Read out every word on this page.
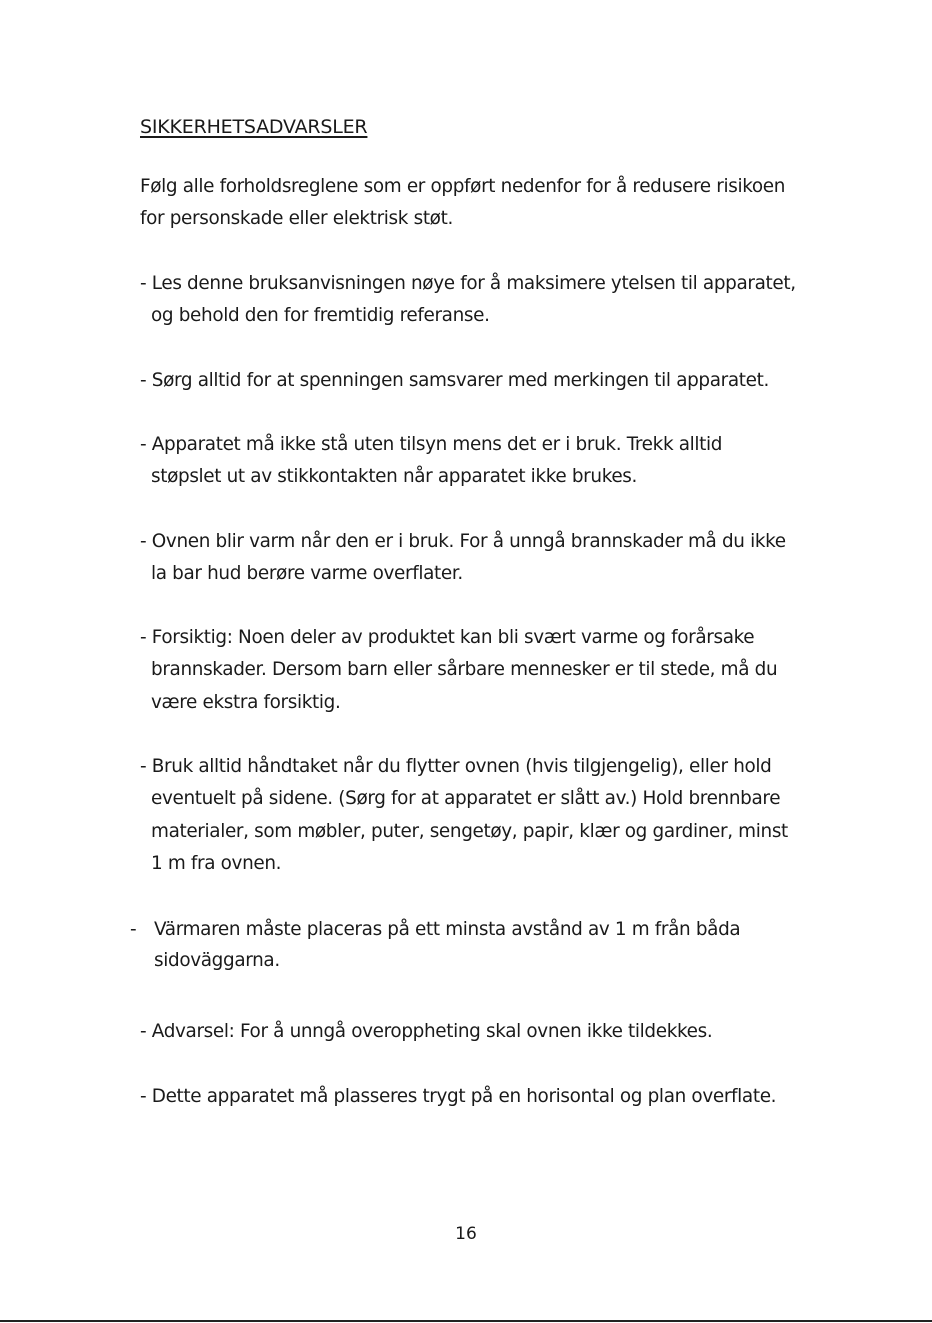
SIKKERHETSADVARSLER

Følg alle forholdsreglene som er oppført nedenfor for å redusere risikoen
for personskade eller elektrisk støt.

- Les denne bruksanvisningen nøye for å maksimere ytelsen til apparatet,
og behold den for fremtidig referanse.

- Sørg alltid for at spenningen samsvarer med merkingen til apparatet.

- Apparatet må ikke stå uten tilsyn mens det er i bruk. Trekk alltid
støpslet ut av stikkontakten når apparatet ikke brukes.

- Ovnen blir varm når den er i bruk. For å unngå brannskader må du ikke
la bar hud berøre varme overflater.

- Forsiktig: Noen deler av produktet kan bli svært varme og forårsake
brannskader. Dersom barn eller sårbare mennesker er til stede, må du
være ekstra forsiktig.

- Bruk alltid håndtaket når du flytter ovnen (hvis tilgjengelig), eller hold
eventuelt på sidene. (Sørg for at apparatet er slått av.) Hold brennbare
materialer, som møbler, puter, sengetøy, papir, klær og gardiner, minst
1 m fra ovnen.

- Värmaren måste placeras på ett minsta avstånd av 1 m från båda
sidoväggarna.

- Advarsel: For å unngå overoppheting skal ovnen ikke tildekkes.

- Dette apparatet må plasseres trygt på en horisontal og plan overflate.

16
